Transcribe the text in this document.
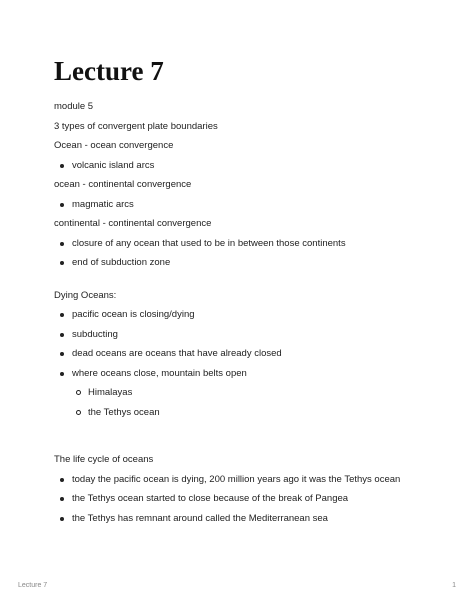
Lecture 7

module 5

3 types of convergent plate boundaries

Ocean - ocean convergence

volcanic island arcs

ocean - continental convergence

magmatic arcs

continental - continental convergence

closure of any ocean that used to be in between those continents
end of subduction zone

Dying Oceans:

pacific ocean is closing/dying
subducting
dead oceans are oceans that have already closed
where oceans close, mountain belts open
Himalayas
the Tethys ocean

The life cycle of oceans

today the pacific ocean is dying, 200 million years ago it was the Tethys ocean
the Tethys ocean started to close because of the break of Pangea
the Tethys has remnant around called the Mediterranean sea
Lecture 7	1
